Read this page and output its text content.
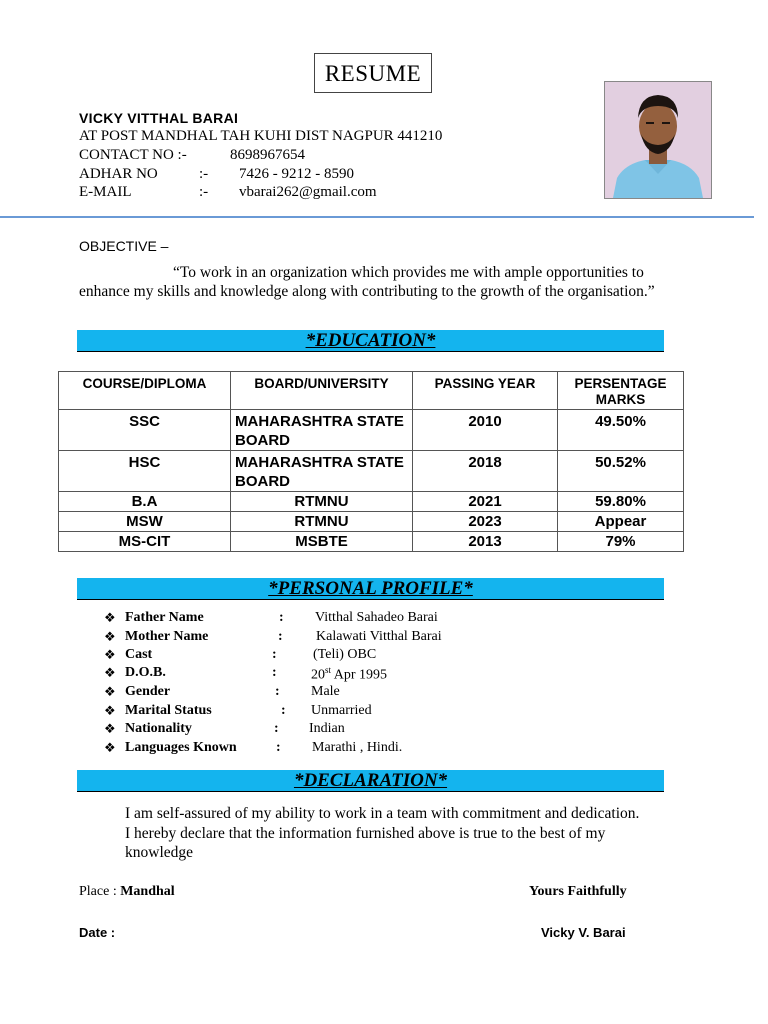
RESUME
VICKY VITTHAL BARAI
AT POST MANDHAL TAH KUHI DIST NAGPUR 441210
CONTACT NO :-	8698967654
ADHAR NO	:- 7426 - 9212 - 8590
E-MAIL	:- vbarai262@gmail.com
OBJECTIVE –
“To work in an organization which provides me with ample opportunities to enhance my skills and knowledge along with contributing to the growth of the organisation.”
*EDUCATION*
COURSE/DIPLOMA	BOARD/UNIVERSITY	PASSING YEAR	PERSENTAGE MARKS
SSC	MAHARASHTRA STATE BOARD	2010	49.50%
HSC	MAHARASHTRA STATE BOARD	2018	50.52%
B.A	RTMNU	2021	59.80%
MSW	RTMNU	2023	Appear
MS-CIT	MSBTE	2013	79%
*PERSONAL PROFILE*
❖ Father Name	: Vitthal Sahadeo Barai
❖ Mother Name	: Kalawati Vitthal Barai
❖ Cast	:	(Teli) OBC
❖ D.O.B.	: 20st Apr 1995
❖ Gender	: Male
❖ Marital Status	: Unmarried
❖ Nationality	: Indian
❖ Languages Known	: Marathi , Hindi.
*DECLARATION*
I am self-assured of my ability to work in a team with commitment and dedication. I hereby declare that the information furnished above is true to the best of my knowledge
Place : Mandhal	Yours Faithfully
Date :	Vicky V. Barai
